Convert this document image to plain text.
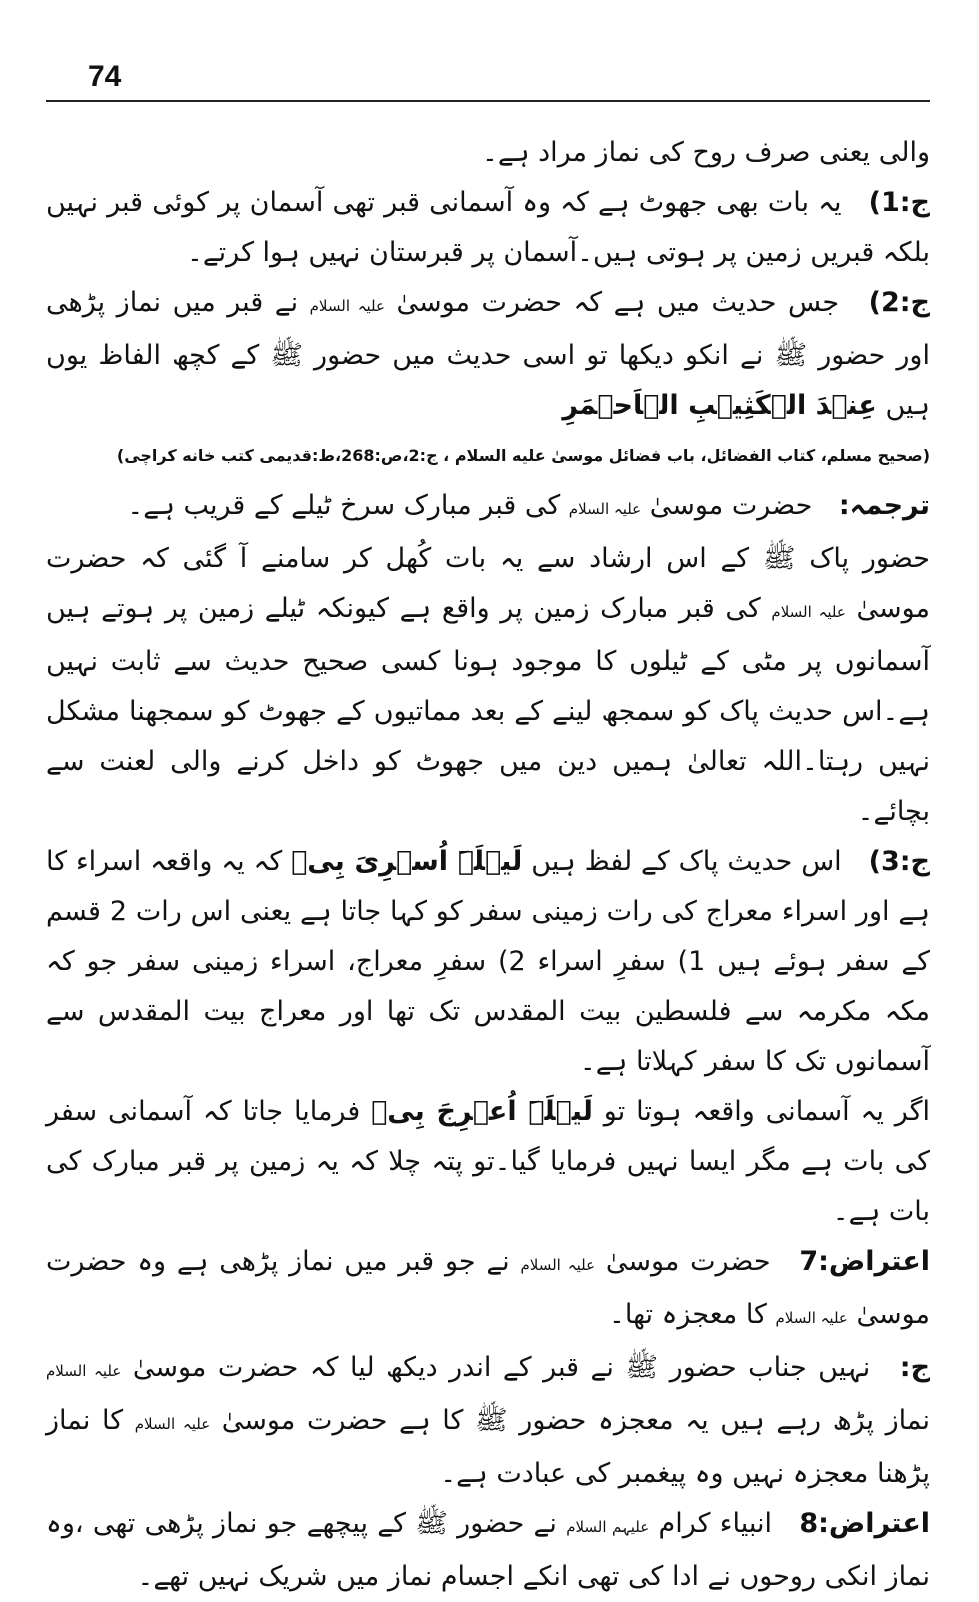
74

والی یعنی صرف روح کی نماز مراد ہے۔

ج:1) یہ بات بھی جھوٹ ہے کہ وہ آسمانی قبر تھی آسمان پر کوئی قبر نہیں بلکہ قبریں زمین پر ہوتی ہیں۔آسمان پر قبرستان نہیں ہوا کرتے۔

ج:2) جس حدیث میں ہے کہ حضرت موسیٰ علیہ السلام نے قبر میں نماز پڑھی اور حضور ﷺ نے انکو دیکھا تو اسی حدیث میں حضور ﷺ کے کچھ الفاظ یوں ہیں عِنۡدَ الۡکَثِیۡبِ الۡاَحۡمَرِ

(صحیح مسلم، کتاب الفضائل، باب فضائل موسیٰ علیه السلام ، ج:2،ص:268،ط:قدیمی کتب خانه کراچی)

ترجمہ: حضرت موسیٰ علیہ السلام کی قبر مبارک سرخ ٹیلے کے قریب ہے۔

حضور پاک ﷺ کے اس ارشاد سے یہ بات کُھل کر سامنے آ گئی کہ حضرت موسیٰ علیہ السلام کی قبر مبارک زمین پر واقع ہے کیونکہ ٹیلے زمین پر ہوتے ہیں آسمانوں پر مٹی کے ٹیلوں کا موجود ہونا کسی صحیح حدیث سے ثابت نہیں ہے۔اس حدیث پاک کو سمجھ لینے کے بعد مماتیوں کے جھوٹ کو سمجھنا مشکل نہیں رہتا۔اللہ تعالیٰ ہمیں دین میں جھوٹ کو داخل کرنے والی لعنت سے بچائے۔

ج:3) اس حدیث پاک کے لفظ ہیں لَیۡلَۃَ اُسۡرِیَ بِیۡ کہ یہ واقعہ اسراء کا ہے اور اسراء معراج کی رات زمینی سفر کو کہا جاتا ہے یعنی اس رات 2 قسم کے سفر ہوئے ہیں 1) سفرِ اسراء 2) سفرِ معراج، اسراء زمینی سفر جو کہ مکہ مکرمہ سے فلسطین بیت المقدس تک تھا اور معراج بیت المقدس سے آسمانوں تک کا سفر کہلاتا ہے۔

اگر یہ آسمانی واقعہ ہوتا تو لَیۡلَۃَ اُعۡرِجَ بِیۡ فرمایا جاتا کہ آسمانی سفر کی بات ہے مگر ایسا نہیں فرمایا گیا۔تو پتہ چلا کہ یہ زمین پر قبر مبارک کی بات ہے۔

اعتراض:7 حضرت موسیٰ علیہ السلام نے جو قبر میں نماز پڑھی ہے وہ حضرت موسیٰ علیہ السلام کا معجزہ تھا۔

ج: نہیں جناب حضور ﷺ نے قبر کے اندر دیکھ لیا کہ حضرت موسیٰ علیہ السلام نماز پڑھ رہے ہیں یہ معجزہ حضور ﷺ کا ہے حضرت موسیٰ علیہ السلام کا نماز پڑھنا معجزہ نہیں وہ پیغمبر کی عبادت ہے۔

اعتراض:8 انبیاء کرام علیہم السلام نے حضور ﷺ کے پیچھے جو نماز پڑھی تھی ،وہ نماز انکی روحوں نے ادا کی تھی انکے اجسام نماز میں شریک نہیں تھے۔
